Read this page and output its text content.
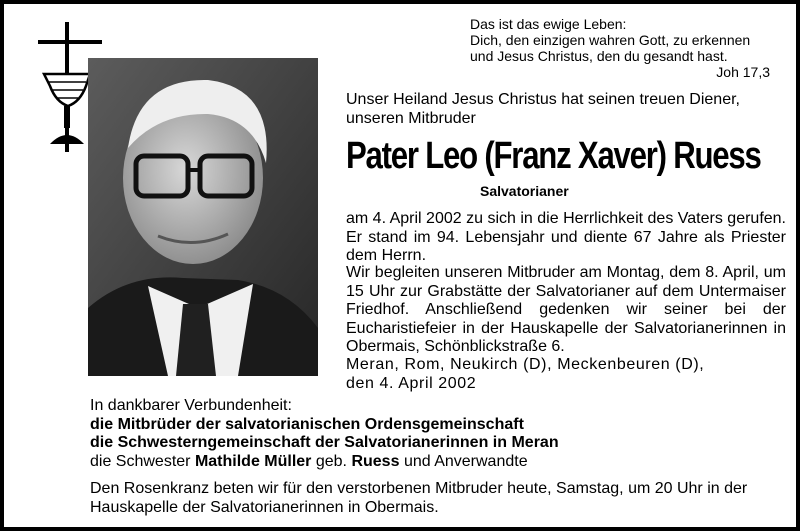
Das ist das ewige Leben:
Dich, den einzigen wahren Gott, zu erkennen
und Jesus Christus, den du gesandt hast.
Joh 17,3
Unser Heiland Jesus Christus hat seinen treuen Diener,
unseren Mitbruder
Pater Leo (Franz Xaver) Ruess
Salvatorianer
am 4. April 2002 zu sich in die Herrlichkeit des Vaters gerufen. Er stand im 94. Lebensjahr und diente 67 Jahre als Priester dem Herrn.
Wir begleiten unseren Mitbruder am Montag, dem 8. April, um 15 Uhr zur Grabstätte der Salvatorianer auf dem Untermaiser Friedhof. Anschließend gedenken wir seiner bei der Eucharistiefeier in der Hauskapelle der Salvatorianerinnen in Obermais, Schönblickstraße 6.
Meran, Rom, Neukirch (D), Meckenbeuren (D),
den 4. April 2002
In dankbarer Verbundenheit:
die Mitbrüder der salvatorianischen Ordensgemeinschaft
die Schwesterngemeinschaft der Salvatorianerinnen in Meran
die Schwester Mathilde Müller geb. Ruess und Anverwandte
Den Rosenkranz beten wir für den verstorbenen Mitbruder heute, Samstag, um 20 Uhr in der Hauskapelle der Salvatorianerinnen in Obermais.
